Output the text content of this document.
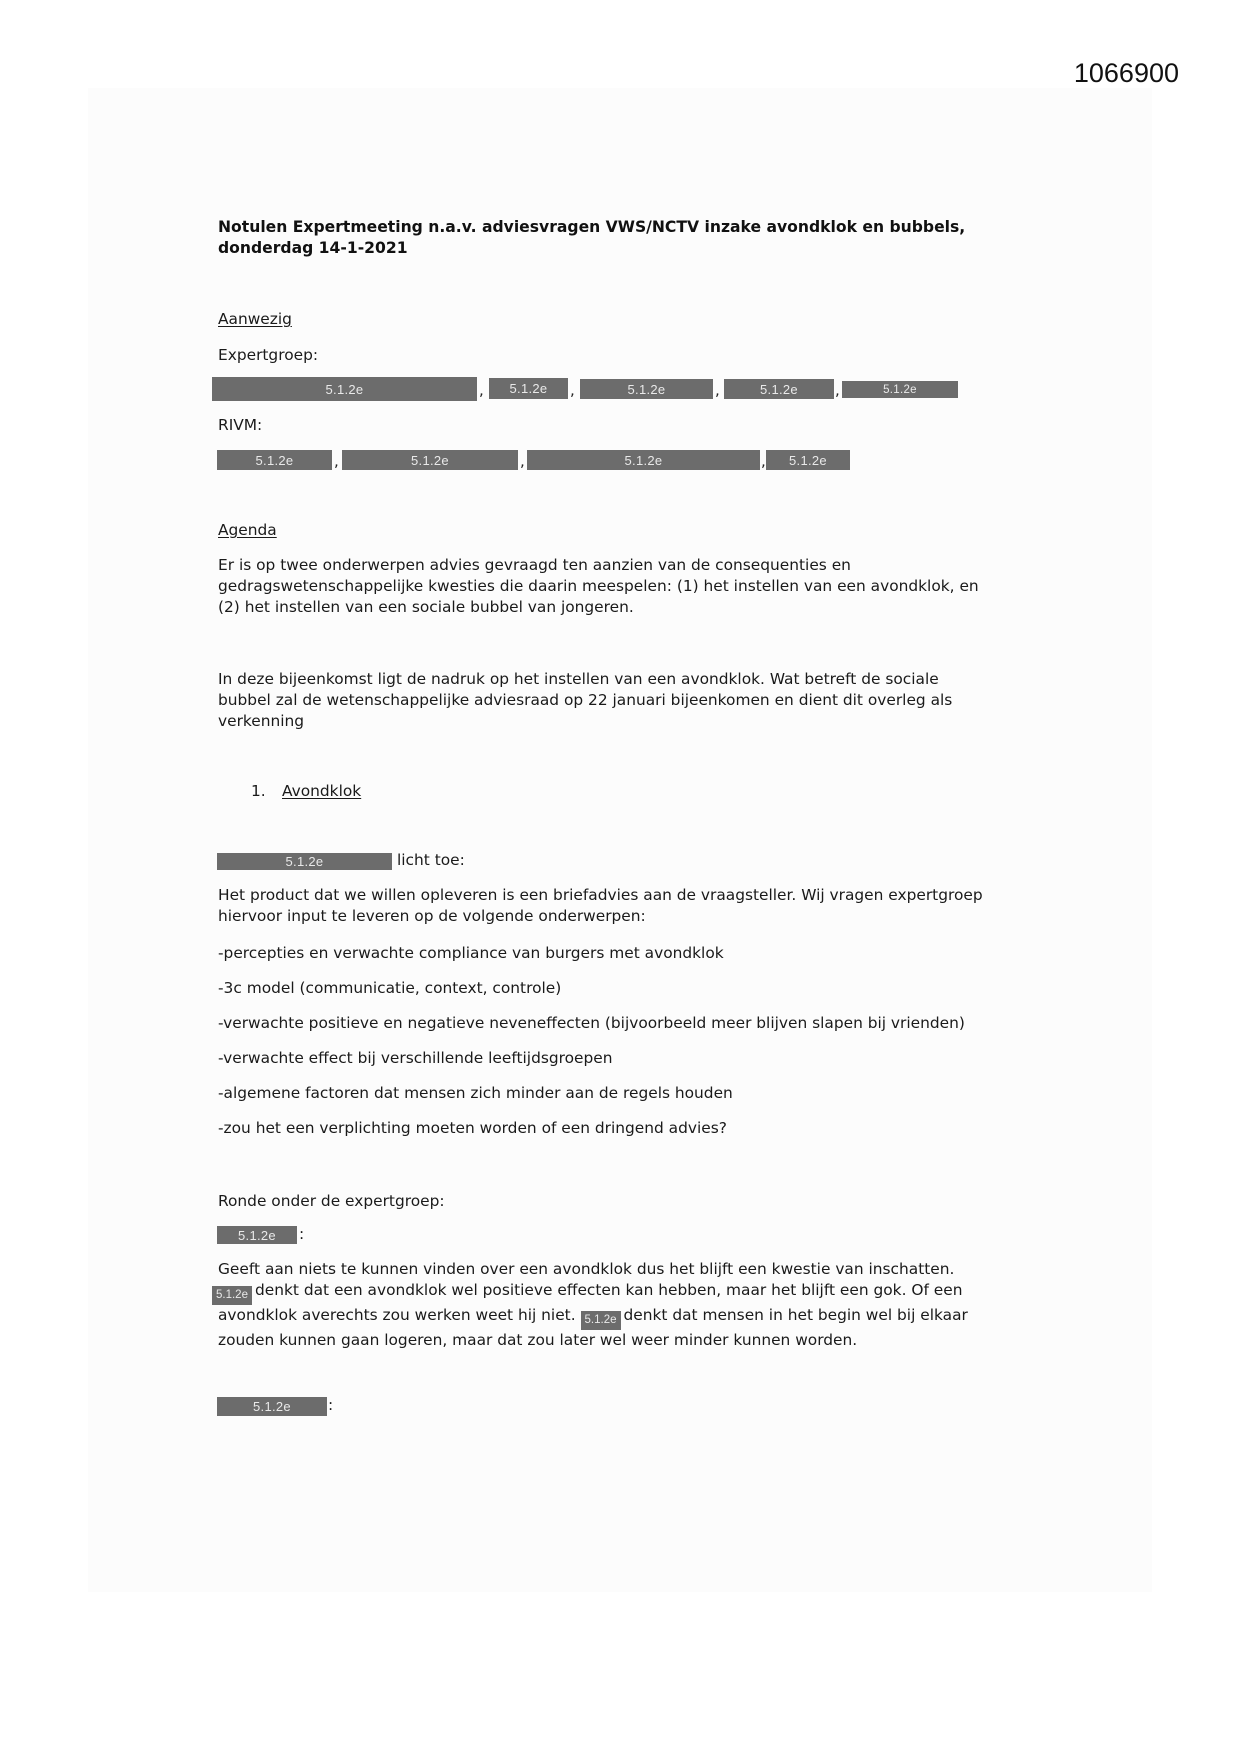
1066900
Notulen Expertmeeting n.a.v. adviesvragen VWS/NCTV inzake avondklok en bubbels,
donderdag 14-1-2021
Aanwezig
Expertgroep:
5.1.2e	,	5.1.2e	,	5.1.2e	,	5.1.2e	,	5.1.2e
RIVM:
5.1.2e	,	5.1.2e	,	5.1.2e	,	5.1.2e
Agenda
Er is op twee onderwerpen advies gevraagd ten aanzien van de consequenties en
gedragswetenschappelijke kwesties die daarin meespelen: (1) het instellen van een avondklok, en
(2) het instellen van een sociale bubbel van jongeren.
In deze bijeenkomst ligt de nadruk op het instellen van een avondklok. Wat betreft de sociale
bubbel zal de wetenschappelijke adviesraad op 22 januari bijeenkomen en dient dit overleg als
verkenning
1. Avondklok
5.1.2e	licht toe:
Het product dat we willen opleveren is een briefadvies aan de vraagsteller. Wij vragen expertgroep
hiervoor input te leveren op de volgende onderwerpen:
-percepties en verwachte compliance van burgers met avondklok
-3c model (communicatie, context, controle)
-verwachte positieve en negatieve neveneffecten (bijvoorbeeld meer blijven slapen bij vrienden)
-verwachte effect bij verschillende leeftijdsgroepen
-algemene factoren dat mensen zich minder aan de regels houden
-zou het een verplichting moeten worden of een dringend advies?
Ronde onder de expertgroep:
5.1.2e	:
Geeft aan niets te kunnen vinden over een avondklok dus het blijft een kwestie van inschatten.
5.1.2e denkt dat een avondklok wel positieve effecten kan hebben, maar het blijft een gok. Of een
avondklok averechts zou werken weet hij niet. 5.1.2e denkt dat mensen in het begin wel bij elkaar
zouden kunnen gaan logeren, maar dat zou later wel weer minder kunnen worden.
5.1.2e	:
